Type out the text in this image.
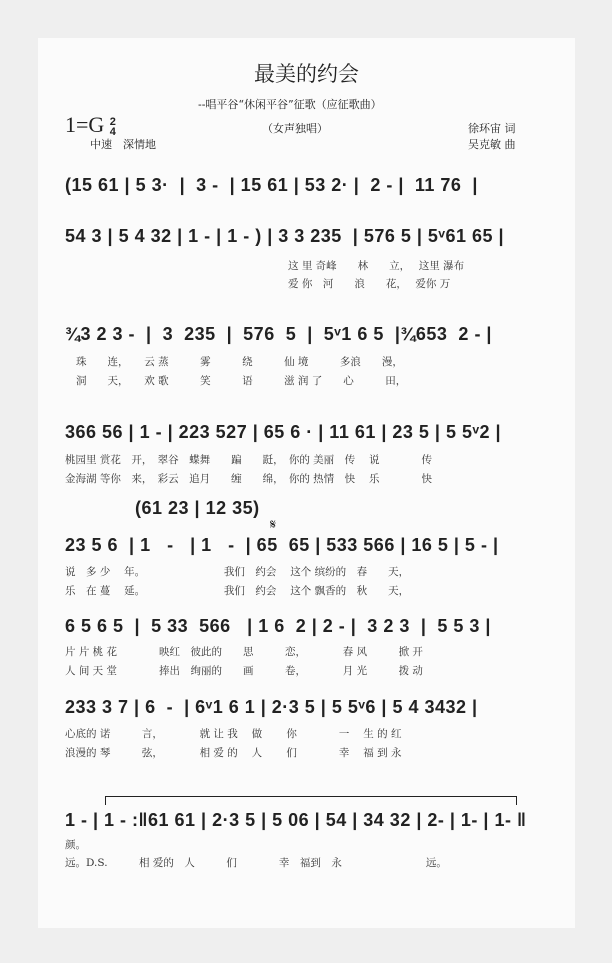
最美的约会
--唱平谷“休闲平谷”征歌（应征歌曲）
（女声独唱）
1=G 2
4
中速　深情地
徐环宙 词
吴克敏 曲
(15 61 | 5 3·  |  3 -  | 15 61 | 53 2· |  2 - |  11 76  |
54 3 | 5 4 32 | 1 - | 1 - ) | 3 3 235  | 576 5 | 5ᵛ61 65 |
这 里 奇峰　　林　　立，　 这里 瀑布
爱 你　河　　浪　　花，　 爱你 万
¾3 2 3 -  |  3  235  |  576  5  |  5ᵛ1 6 5  |¾653  2 - |
珠　　连，　　云 蒸　　　雾　　　绕　　　仙 境　　　多浪　　漫，
洞　　天，　　欢 歌　　　笑　　　语　　　滋 润 了　　心　　　田，
366 56 | 1 - | 223 527 | 65 6 · | 11 61 | 23 5 | 5 5ᵛ2 |
桃园里 赏花　开，　翠谷　蝶舞　　蹁　　跹，　你的 美丽　传　 说　　　　传
金海湖 等你　来，　彩云　追月　　缠　　绵，　你的 热情　快　 乐　　　　快
(61 23 | 12 35)
𝄋
23 5 6  | 1   -   | 1   -  | 65  65 | 533 566 | 16 5 | 5 - |
说　多 少　 年。　　　　　　　　我们　约会　 这个 缤纷的　春　　天，
乐　在 蔓　 延。　　　　　　　　我们　约会　 这个 飘香的　秋　　天，
6 5 6 5  |  5 33  566   | 1 6  2 | 2 - |  3 2 3  |  5 5 3 |
片 片 桃 花　　　　映红　彼此的　　思　　　恋，　　　　春 风　　　掀 开
人 间 天 堂　　　　捧出　绚丽的　　画　　　卷，　　　　月 光　　　拨 动
233 3 7 | 6  -  | 6ᵛ1 6 1 | 2·3 5 | 5 5ᵛ6 | 5 4 3432 |
心底的 诺　　　言，　　　　就 让 我　 做　　 你　　　　一　 生 的 红
浪漫的 琴　　　弦，　　　　相 爱 的　 人　　 们　　　　幸　 福 到 永
1 - | 1 - :‖61 61 | 2·3 5 | 5 06 | 54 | 34 32 | 2- | 1- | 1- ‖
颜。
远。D.S.　　　相 爱的　人　　　们　　　　幸　福到　永　　　　　　　　远。
